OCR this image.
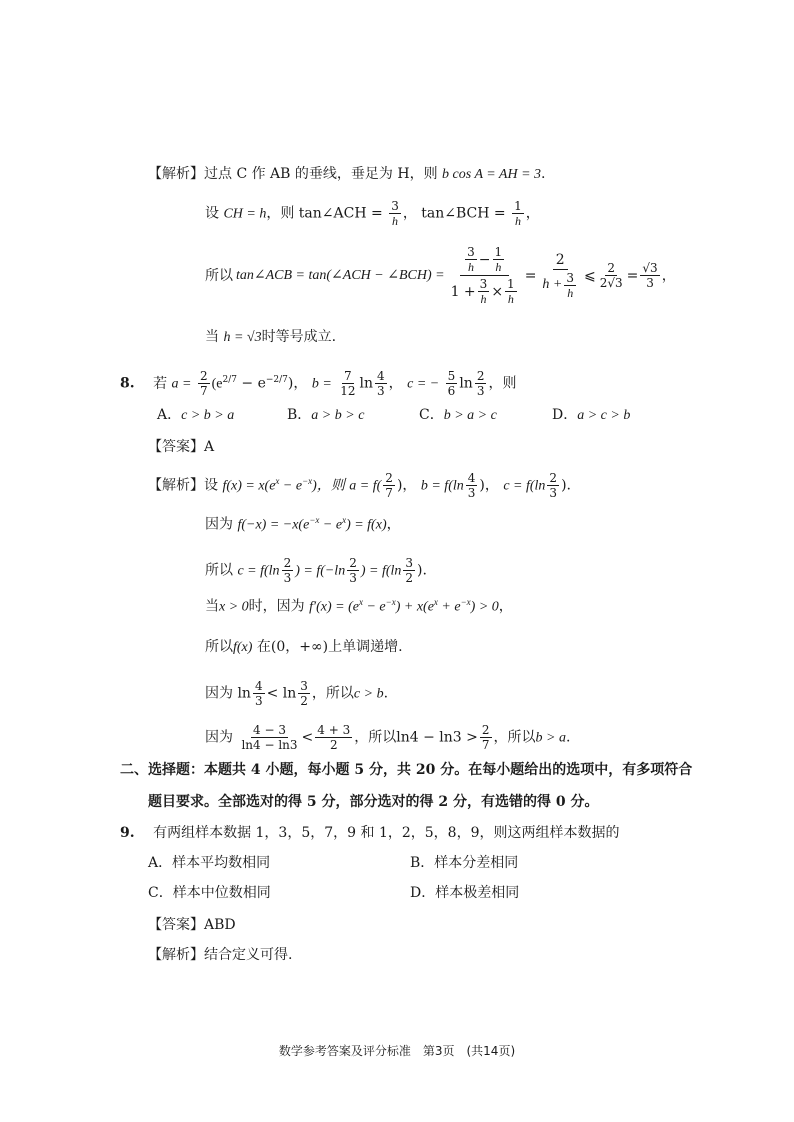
【解析】过点 C 作 AB 的垂线，垂足为 H，则 b cos A = AH = 3.
设 CH = h，则 tan∠ACH = $\frac{3}{h}$ ， tan∠BCH = $\frac{1}{h}$ ，
所以 tan∠ACB = tan(∠ACH − ∠BCH) = 3
$h - \frac{1}{h}$
$1 + \frac{3}{h} \times \frac{1}{h} = \frac{2}{h + \frac{3}{h}}$ ⩽ $\frac{2}{2√3} = \frac{√3}{3}$ ，
当 h = √3时等号成立.
8. 若 $a = \frac{2}{7} (e^{2/7} - e^{-2/7})$， $b = \frac{7}{12}$ $\ln \frac{4}{3}$ ， c = − $\frac{5}{6}$ $\ln \frac{2}{3}$ ，则
A．c > b > a	B．a > b > c	C．b > a > c	D．a > c > b
【答案】A
【解析】设 $f(x) = x(e^x - e^{-x})$，则 $a = f( \frac{2}{7}$ )， $b = f(\ln \frac{4}{3}$ )， $c = f(\ln \frac{2}{3}$ ).
因为 $f(-x) = -x(e^{-x} - e^x) = f(x)$，
所以 $c = f(\ln \frac{2}{3}$ ) = $f(-\ln \frac{2}{3}$ ) = $f(\ln \frac{3}{2}$ ).
当x > 0时，因为 $f'(x) = (e^x - e^{-x}) + x(e^x + e^{-x}) > 0$，
所以f(x) 在(0，+∞)上单调递增.
因为 $\ln \frac{4}{3} < \ln \frac{3}{2}$ ，所以c > b.
因为 $\frac{4 - 3}{\ln 4 - \ln 3} < \frac{4 + 3}{2}$ ，所以$\ln 4 - \ln 3 > \frac{2}{7}$ ，所以b > a.
二、选择题：本题共 4 小题，每小题 5 分，共 20 分。在每小题给出的选项中，有多项符合
题目要求。全部选对的得 5 分，部分选对的得 2 分，有选错的得 0 分。
9. 有两组样本数据 1，3，5，7，9 和 1，2，5，8，9，则这两组样本数据的
A．样本平均数相同	B．样本分差相同
C．样本中位数相同	D．样本极差相同
【答案】ABD
【解析】结合定义可得.
数学参考答案及评分标准　第3页　(共14页)
